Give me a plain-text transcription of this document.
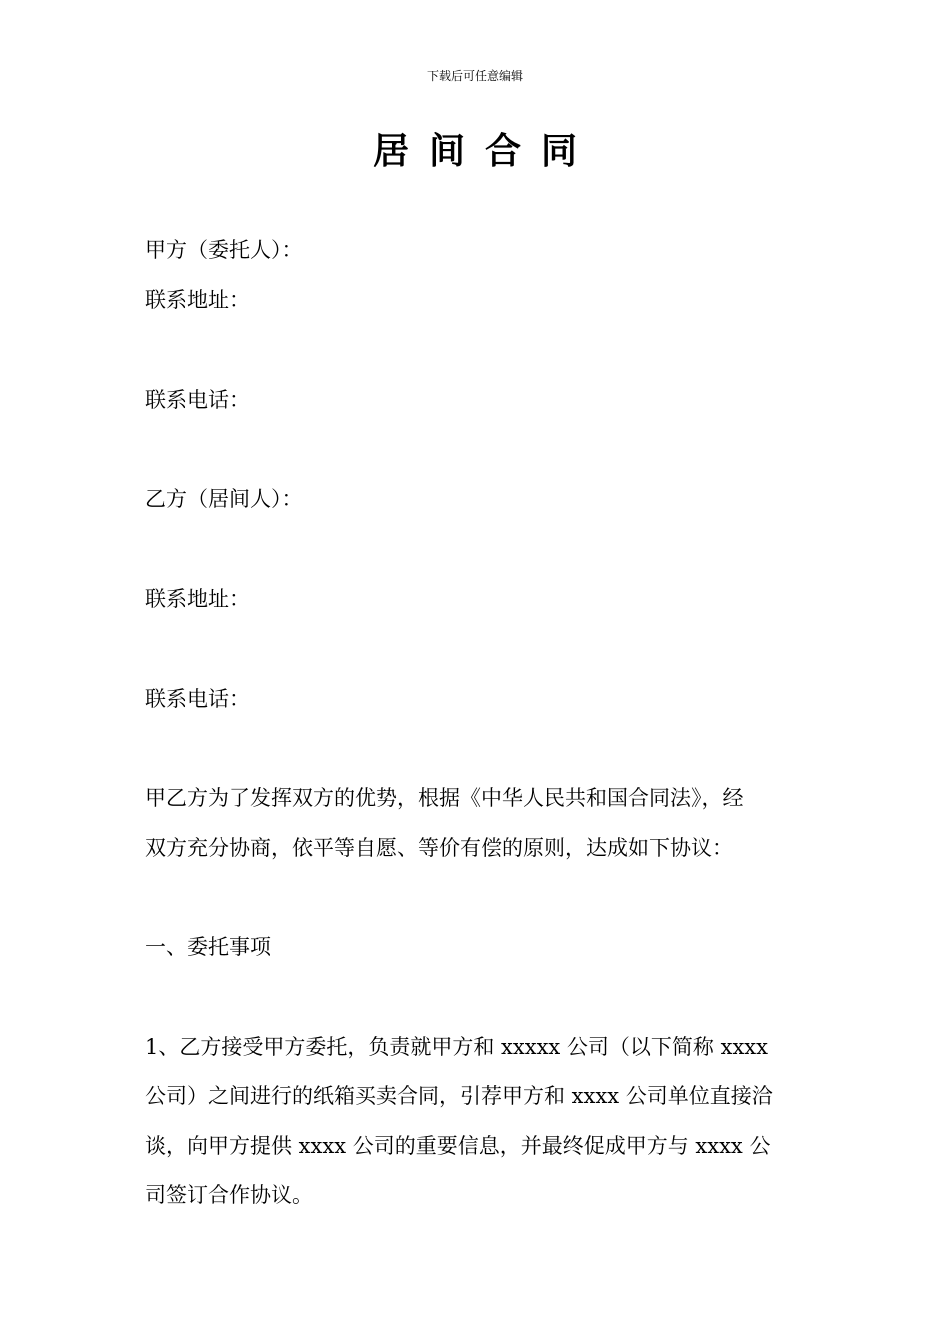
下载后可任意编辑
居间合同
甲方（委托人）：
联系地址：
联系电话：
乙方（居间人）：
联系地址：
联系电话：
甲乙方为了发挥双方的优势，根据《中华人民共和国合同法》，经
双方充分协商，依平等自愿、等价有偿的原则，达成如下协议：
一、委托事项
1、乙方接受甲方委托，负责就甲方和 xxxxx 公司（以下简称 xxxx
公司）之间进行的纸箱买卖合同，引荐甲方和 xxxx 公司单位直接洽
谈，向甲方提供 xxxx 公司的重要信息，并最终促成甲方与 xxxx 公
司签订合作协议。
